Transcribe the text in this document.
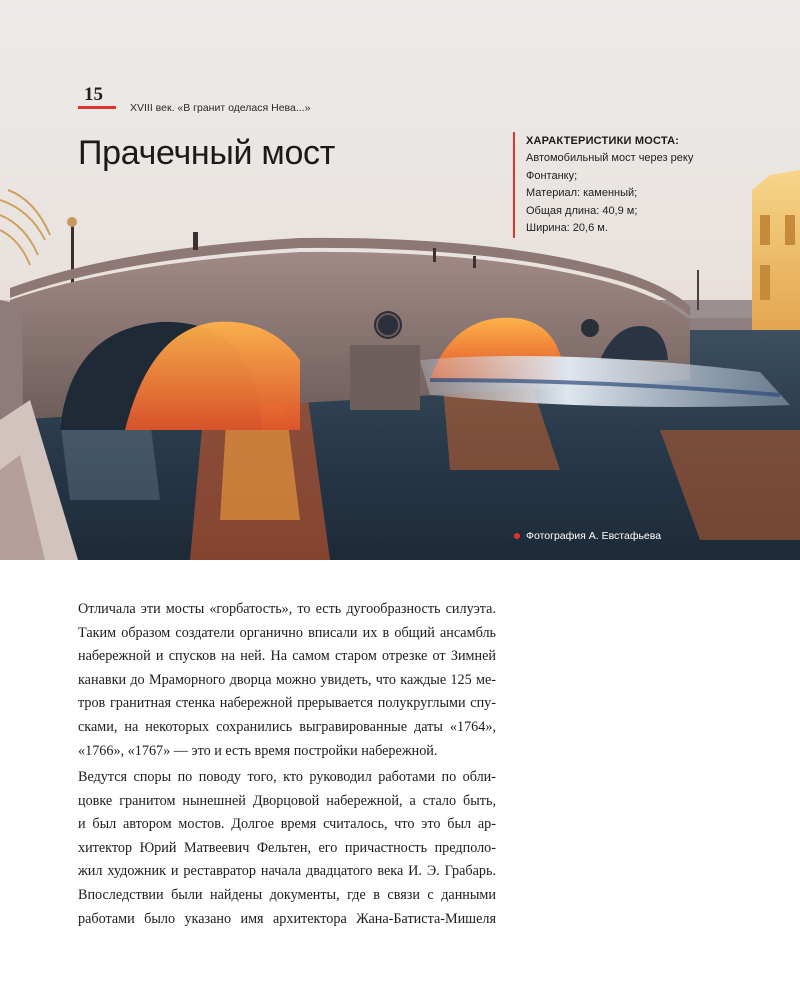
15
XVIII век. «В гранит оделася Нева...»
Прачечный мост	ХАРАКТЕРИСТИКИ МОСТА:
Автомобильный мост через реку
Фонтанку;
Материал: каменный;
Общая длина: 40,9 м;
Ширина: 20,6 м.
Фотография А. Евстафьева

Отличала эти мосты «горбатость», то есть дугообразность силуэта.
Таким образом создатели органично вписали их в общий ансамбль
набережной и спусков на ней. На самом старом отрезке от Зимней
канавки до Мраморного дворца можно увидеть, что каждые 125 ме-
тров гранитная стенка набережной прерывается полукруглыми спу-
сками, на некоторых сохранились выгравированные даты «1764»,
«1766», «1767» — это и есть время постройки набережной.

Ведутся споры по поводу того, кто руководил работами по обли-
цовке гранитом нынешней Дворцовой набережной, а стало быть,
и был автором мостов. Долгое время считалось, что это был ар-
хитектор Юрий Матвеевич Фельтен, его причастность предполо-
жил художник и реставратор начала двадцатого века И. Э. Грабарь.
Впоследствии были найдены документы, где в связи с данными
работами было указано имя архитектора Жана-Батиста-Мишеля
